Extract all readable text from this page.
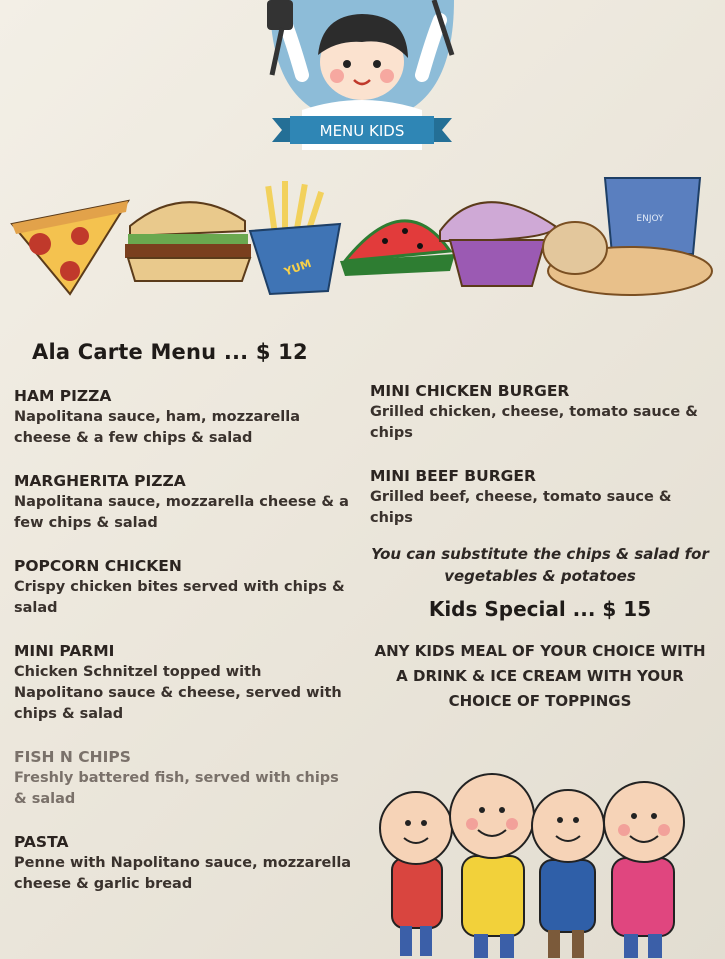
MENU KIDS
YUM
ENJOY
Ala Carte Menu ... $ 12
HAM PIZZA
Napolitana sauce, ham, mozzarella cheese & a few chips & salad
MARGHERITA PIZZA
Napolitana sauce, mozzarella cheese & a few chips & salad
POPCORN CHICKEN
Crispy chicken bites served with chips & salad
MINI PARMI
Chicken Schnitzel topped with Napolitano sauce & cheese, served with chips & salad
FISH N CHIPS
Freshly battered fish, served with chips & salad
PASTA
Penne with Napolitano sauce, mozzarella cheese & garlic bread
MINI CHICKEN BURGER
Grilled chicken, cheese, tomato sauce & chips
MINI BEEF BURGER
Grilled beef, cheese, tomato sauce & chips
You can substitute the chips & salad for vegetables & potatoes
Kids Special ... $ 15
ANY KIDS MEAL OF YOUR CHOICE WITH A DRINK & ICE CREAM WITH YOUR CHOICE OF TOPPINGS
